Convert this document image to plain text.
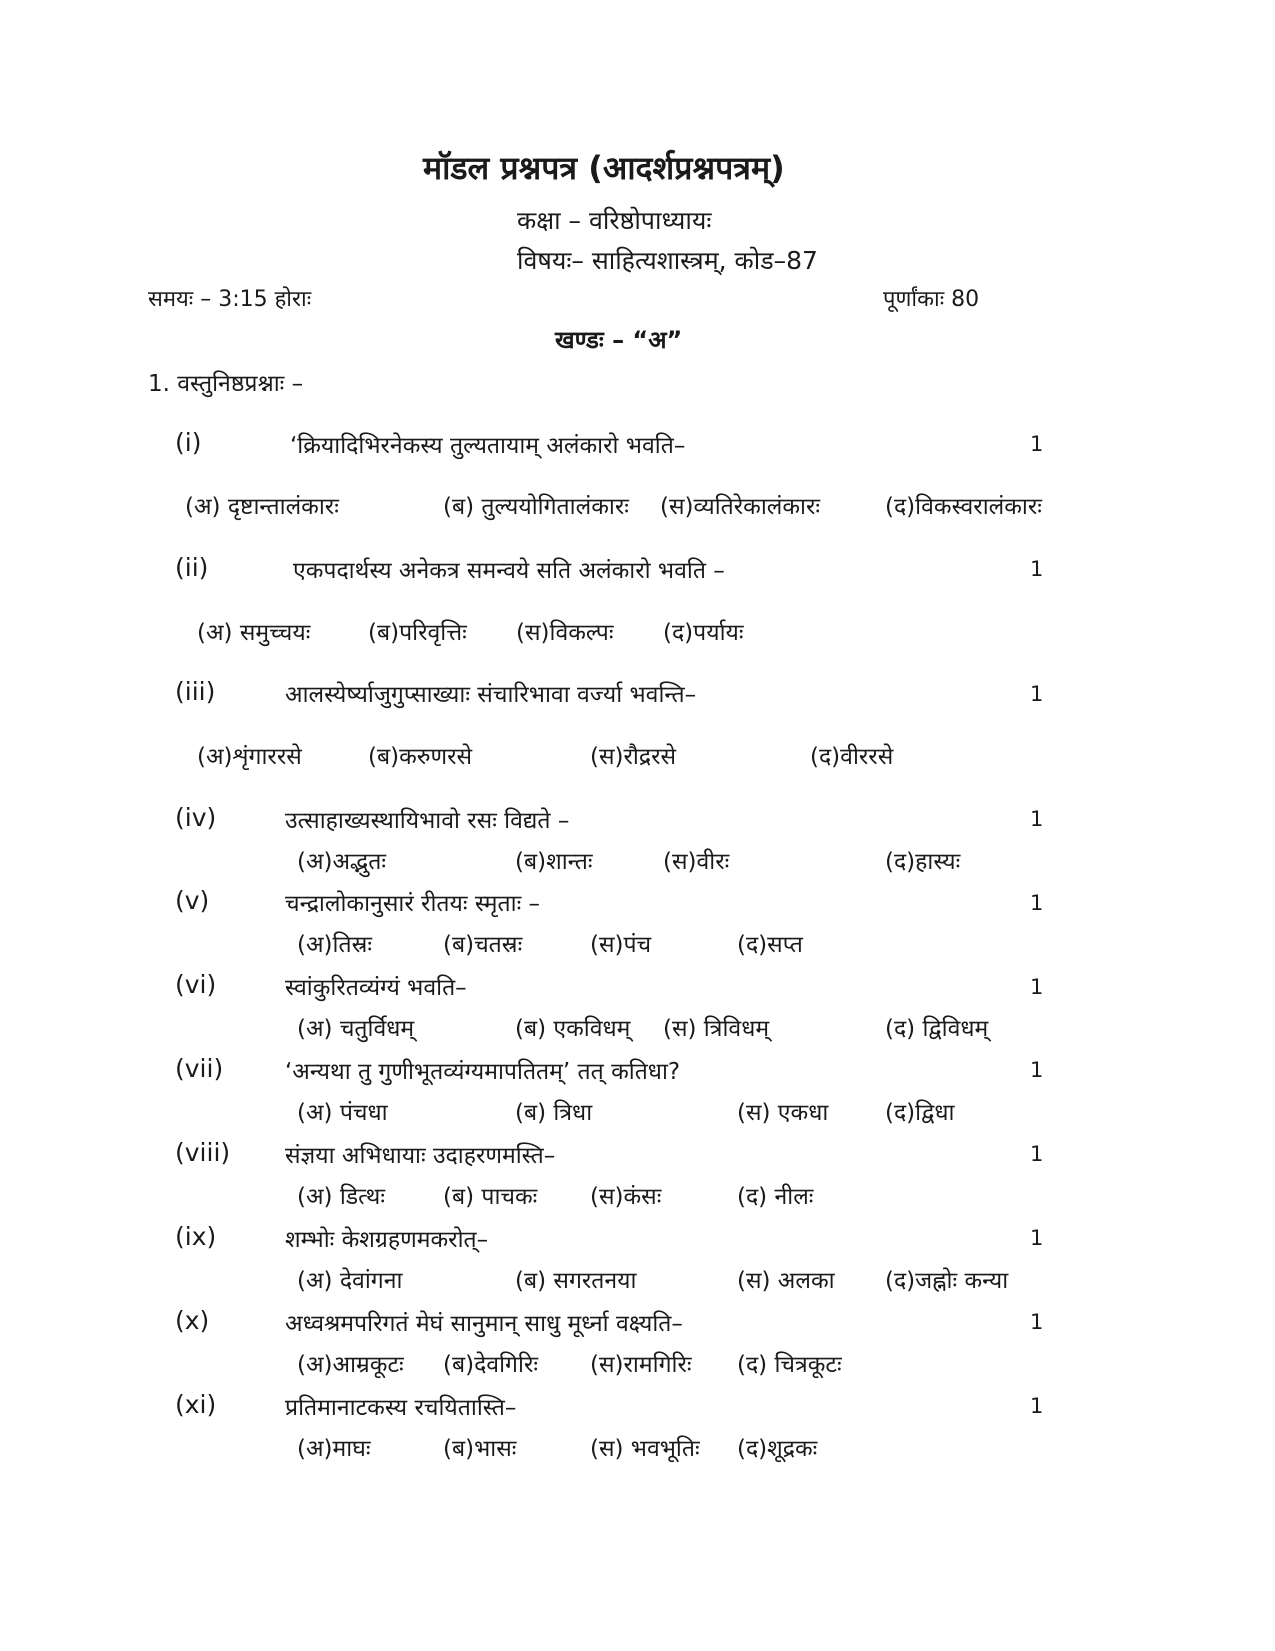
मॉडल प्रश्नपत्र (आदर्शप्रश्नपत्रम्)
कक्षा – वरिष्ठोपाध्यायः
विषयः– साहित्यशास्त्रम्, कोड–87
समयः – 3:15 होराः	पूर्णांकाः 80
खण्डः – “अ”
1. वस्तुनिष्ठप्रश्नाः –
(i)	‘क्रियादिभिरनेकस्य तुल्यतायाम् अलंकारो भवति–	1
(अ) दृष्टान्तालंकारः	(ब) तुल्ययोगितालंकारः (स)व्यतिरेकालंकारः	(द)विकस्वरालंकारः
(ii)	एकपदार्थस्य अनेकत्र समन्वये सति अलंकारो भवति –	1
(अ) समुच्चयः	(ब)परिवृत्तिः (स)विकल्पः (द)पर्यायः
(iii)	आलस्येर्ष्याजुगुप्साख्याः संचारिभावा वर्ज्या भवन्ति–	1
(अ)शृंगाररसे	(ब)करुणरसे	(स)रौद्ररसे	(द)वीररसे
(iv)	उत्साहाख्यस्थायिभावो रसः विद्यते –	1
(अ)अद्भुतः	(ब)शान्तः	(स)वीरः	(द)हास्यः
(v)	चन्द्रालोकानुसारं रीतयः स्मृताः –	1
(अ)तिस्रः	(ब)चतस्रः	(स)पंच	(द)सप्त
(vi)	स्वांकुरितव्यंग्यं भवति–	1
(अ) चतुर्विधम्	(ब) एकविधम् (स) त्रिविधम्	(द) द्विविधम्
(vii)	‘अन्यथा तु गुणीभूतव्यंग्यमापतितम्’ तत् कतिधा?	1
(अ) पंचधा	(ब) त्रिधा	(स) एकधा (द)द्विधा
(viii) संज्ञया अभिधायाः उदाहरणमस्ति–	1
(अ) डित्थः	(ब) पाचकः (स)कंसः	(द) नीलः
(ix)	शम्भोः केशग्रहणमकरोत्–	1
(अ) देवांगना	(ब) सगरतनया	(स) अलका (द)जह्नोः कन्या
(x)	अध्वश्रमपरिगतं मेघं सानुमान् साधु मूर्ध्ना वक्ष्यति–	1
(अ)आम्रकूटः (ब)देवगिरिः (स)रामगिरिः (द) चित्रकूटः
(xi)	प्रतिमानाटकस्य रचयितास्ति–	1
(अ)माघः	(ब)भासः	(स) भवभूतिः (द)शूद्रकः
